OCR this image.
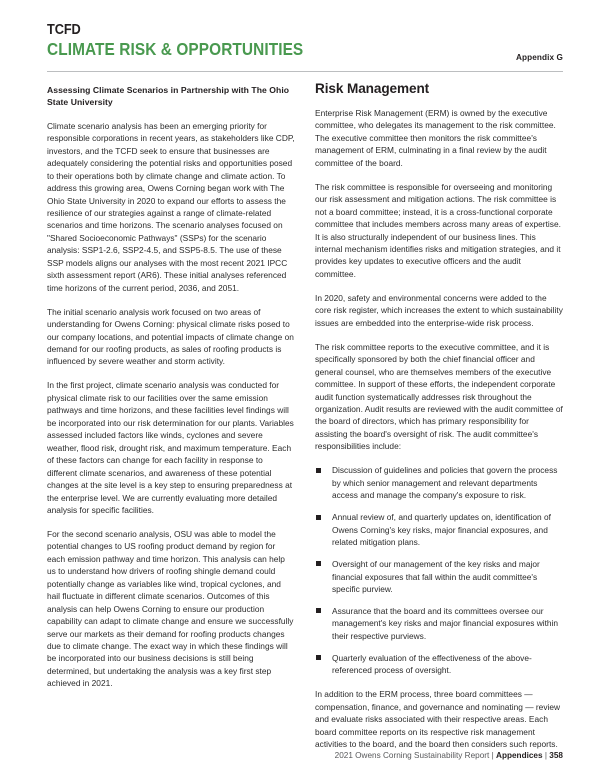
TCFD
CLIMATE RISK & OPPORTUNITIES	Appendix G
Assessing Climate Scenarios in Partnership with The Ohio State University

Climate scenario analysis has been an emerging priority for responsible corporations in recent years, as stakeholders like CDP, investors, and the TCFD seek to ensure that businesses are adequately considering the potential risks and opportunities posed to their operations both by climate change and climate action. To address this growing area, Owens Corning began work with The Ohio State University in 2020 to expand our efforts to assess the resilience of our strategies against a range of climate-related scenarios and time horizons. The scenario analyses focused on "Shared Socioeconomic Pathways" (SSPs) for the scenario analysis: SSP1-2.6, SSP2-4.5, and SSP5-8.5. The use of these SSP models aligns our analyses with the most recent 2021 IPCC sixth assessment report (AR6). These initial analyses referenced time horizons of the current period, 2036, and 2051.

The initial scenario analysis work focused on two areas of understanding for Owens Corning: physical climate risks posed to our company locations, and potential impacts of climate change on demand for our roofing products, as sales of roofing products is influenced by severe weather and storm activity.

In the first project, climate scenario analysis was conducted for physical climate risk to our facilities over the same emission pathways and time horizons, and these facilities level findings will be incorporated into our risk determination for our plants. Variables assessed included factors like winds, cyclones and severe weather, flood risk, drought risk, and maximum temperature. Each of these factors can change for each facility in response to different climate scenarios, and awareness of these potential changes at the site level is a key step to ensuring preparedness at the enterprise level. We are currently evaluating more detailed analysis for specific facilities.

For the second scenario analysis, OSU was able to model the potential changes to US roofing product demand by region for each emission pathway and time horizon. This analysis can help us to understand how drivers of roofing shingle demand could potentially change as variables like wind, tropical cyclones, and hail fluctuate in different climate scenarios. Outcomes of this analysis can help Owens Corning to ensure our production capability can adapt to climate change and ensure we successfully serve our markets as their demand for roofing products changes due to climate change. The exact way in which these findings will be incorporated into our business decisions is still being determined, but undertaking the analysis was a key first step achieved in 2021.

Risk Management

Enterprise Risk Management (ERM) is owned by the executive committee, who delegates its management to the risk committee. The executive committee then monitors the risk committee's management of ERM, culminating in a final review by the audit committee of the board.

The risk committee is responsible for overseeing and monitoring our risk assessment and mitigation actions. The risk committee is not a board committee; instead, it is a cross-functional corporate committee that includes members across many areas of expertise. It is also structurally independent of our business lines. This internal mechanism identifies risks and mitigation strategies, and it provides key updates to executive officers and the audit committee.

In 2020, safety and environmental concerns were added to the core risk register, which increases the extent to which sustainability issues are embedded into the enterprise-wide risk process.

The risk committee reports to the executive committee, and it is specifically sponsored by both the chief financial officer and general counsel, who are themselves members of the executive committee. In support of these efforts, the independent corporate audit function systematically addresses risk throughout the organization. Audit results are reviewed with the audit committee of the board of directors, which has primary responsibility for assisting the board's oversight of risk. The audit committee's responsibilities include:

Discussion of guidelines and policies that govern the process by which senior management and relevant departments access and manage the company's exposure to risk.
Annual review of, and quarterly updates on, identification of Owens Corning's key risks, major financial exposures, and related mitigation plans.
Oversight of our management of the key risks and major financial exposures that fall within the audit committee's specific purview.
Assurance that the board and its committees oversee our management's key risks and major financial exposures within their respective purviews.
Quarterly evaluation of the effectiveness of the above-referenced process of oversight.

In addition to the ERM process, three board committees — compensation, finance, and governance and nominating — review and evaluate risks associated with their respective areas. Each board committee reports on its respective risk management activities to the board, and the board then considers such reports.

2021 Owens Corning Sustainability Report | Appendices | 358
